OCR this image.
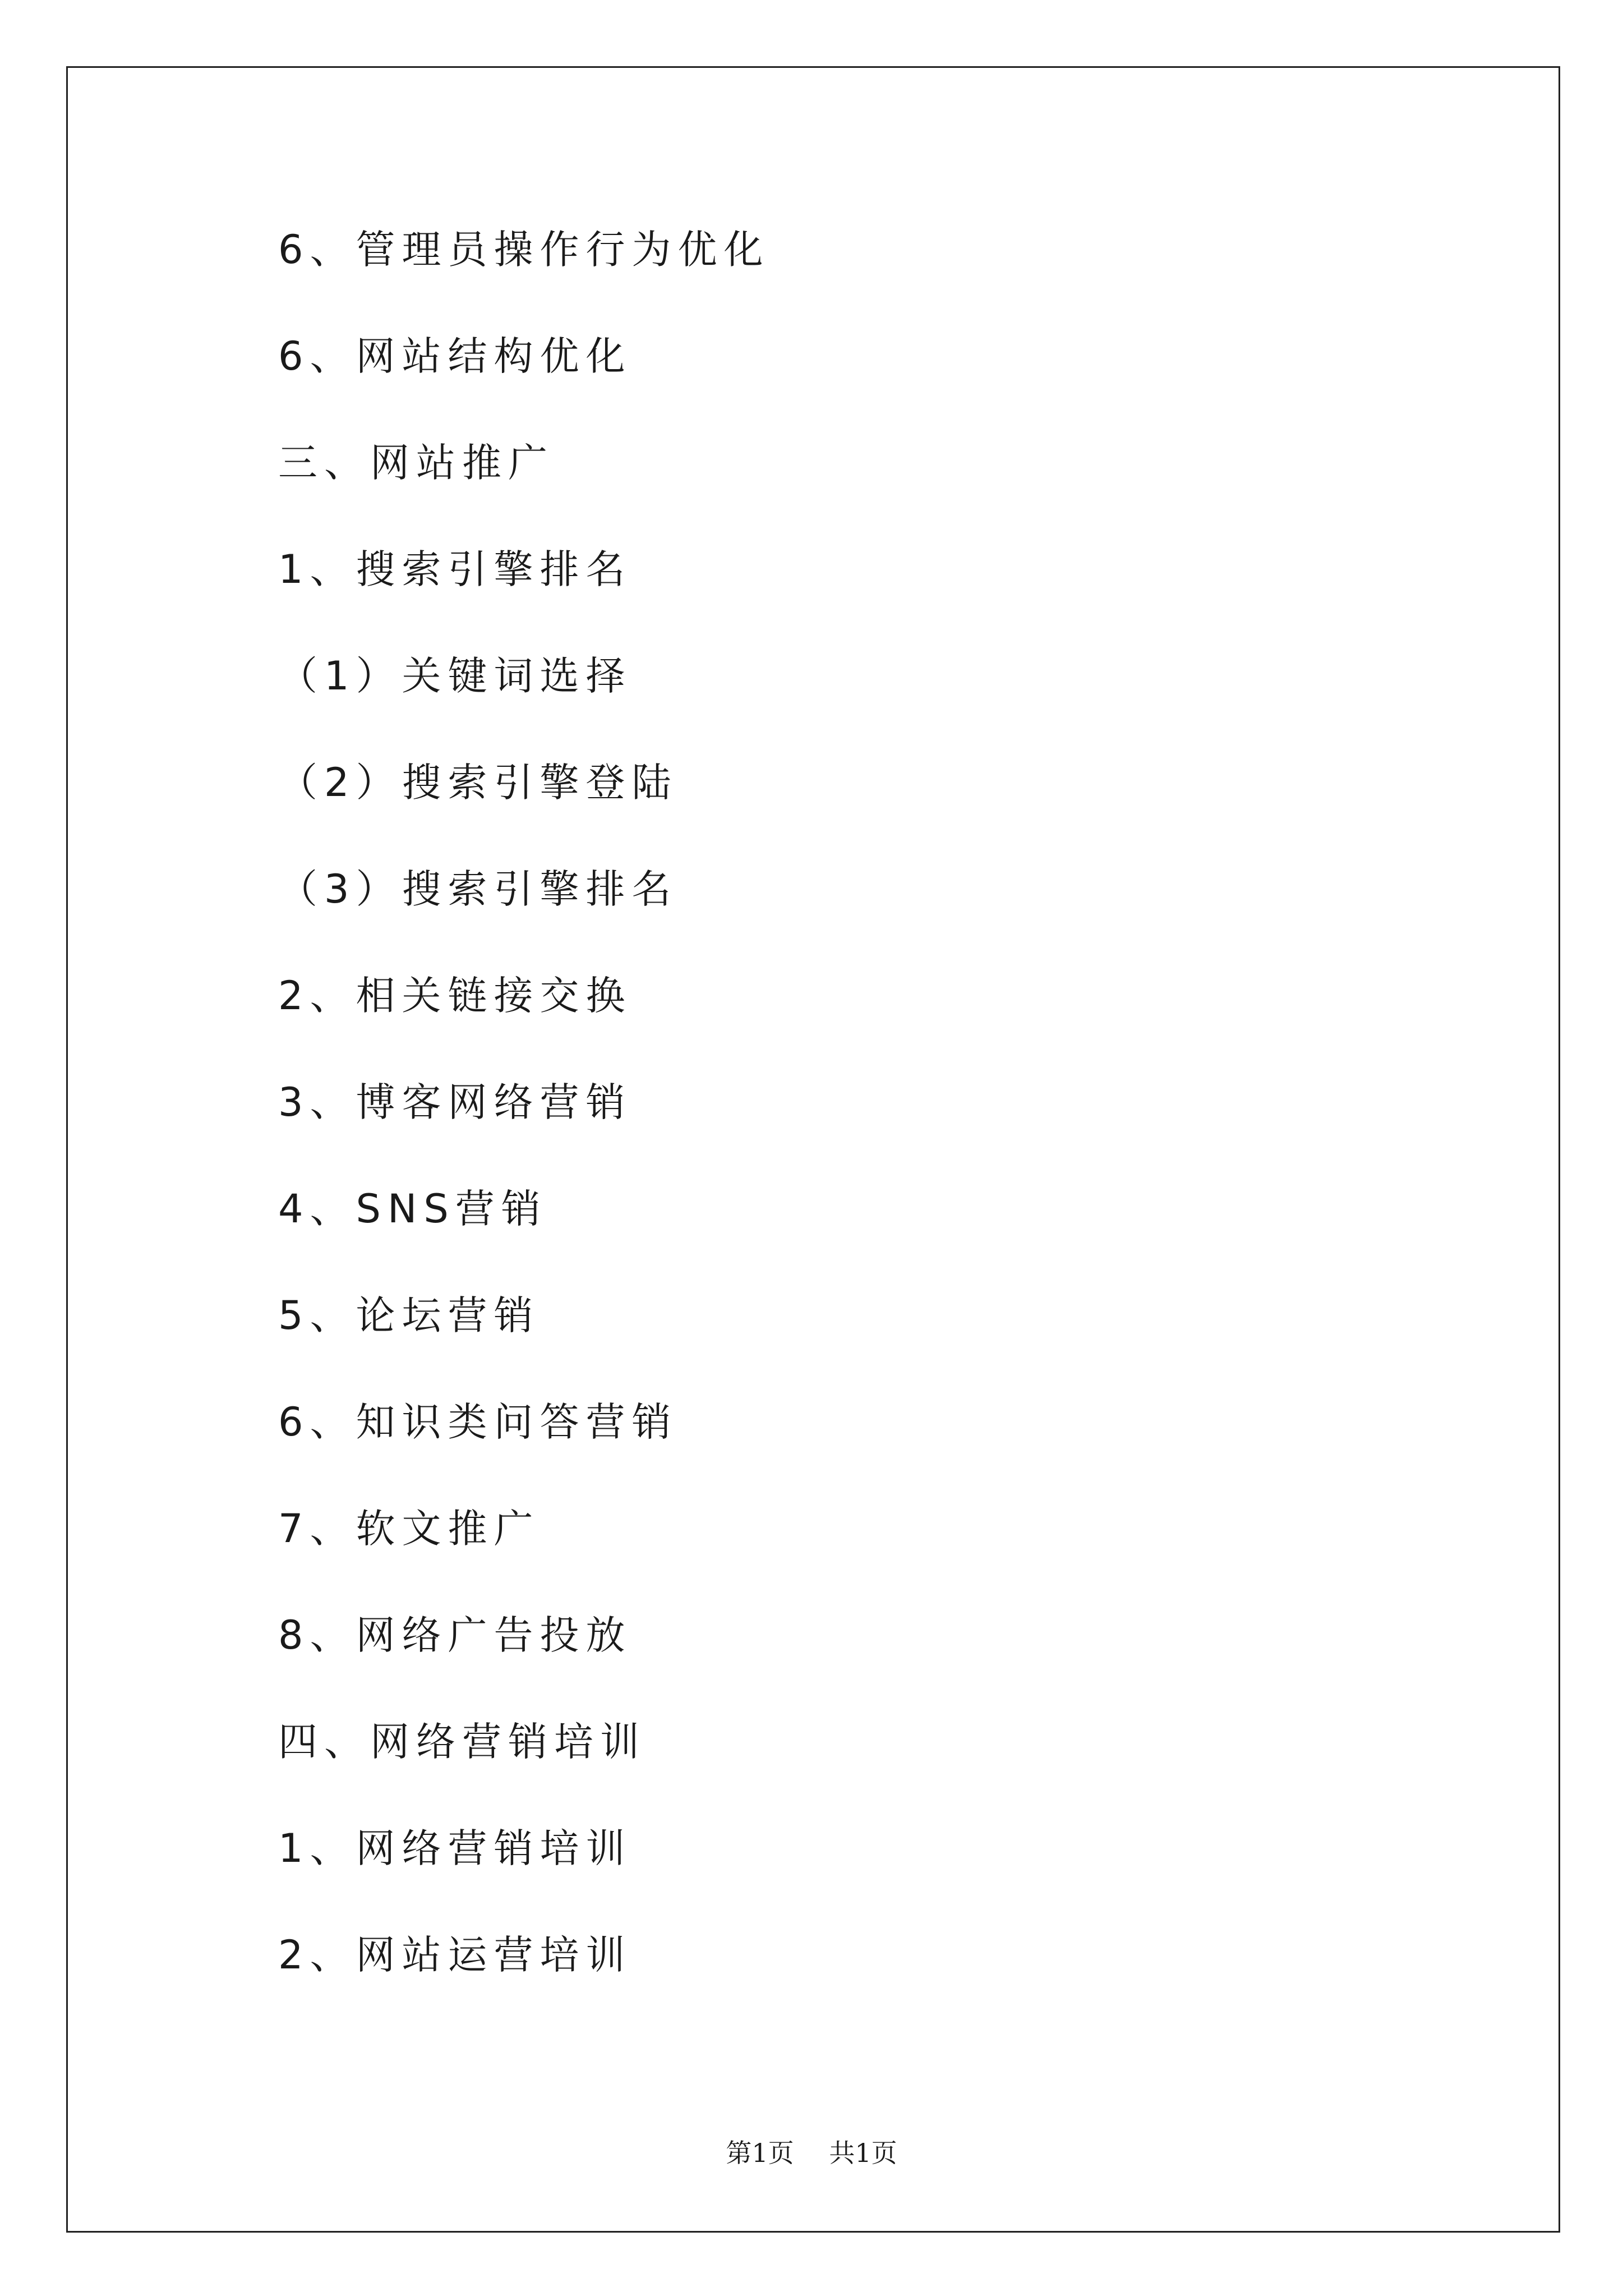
6、管理员操作行为优化
6、网站结构优化
三、网站推广
1、搜索引擎排名
（1）关键词选择
（2）搜索引擎登陆
（3）搜索引擎排名
2、相关链接交换
3、博客网络营销
4、SNS营销
5、论坛营销
6、知识类问答营销
7、软文推广
8、网络广告投放
四、网络营销培训
1、网络营销培训
2、网站运营培训
第1页 共1页
